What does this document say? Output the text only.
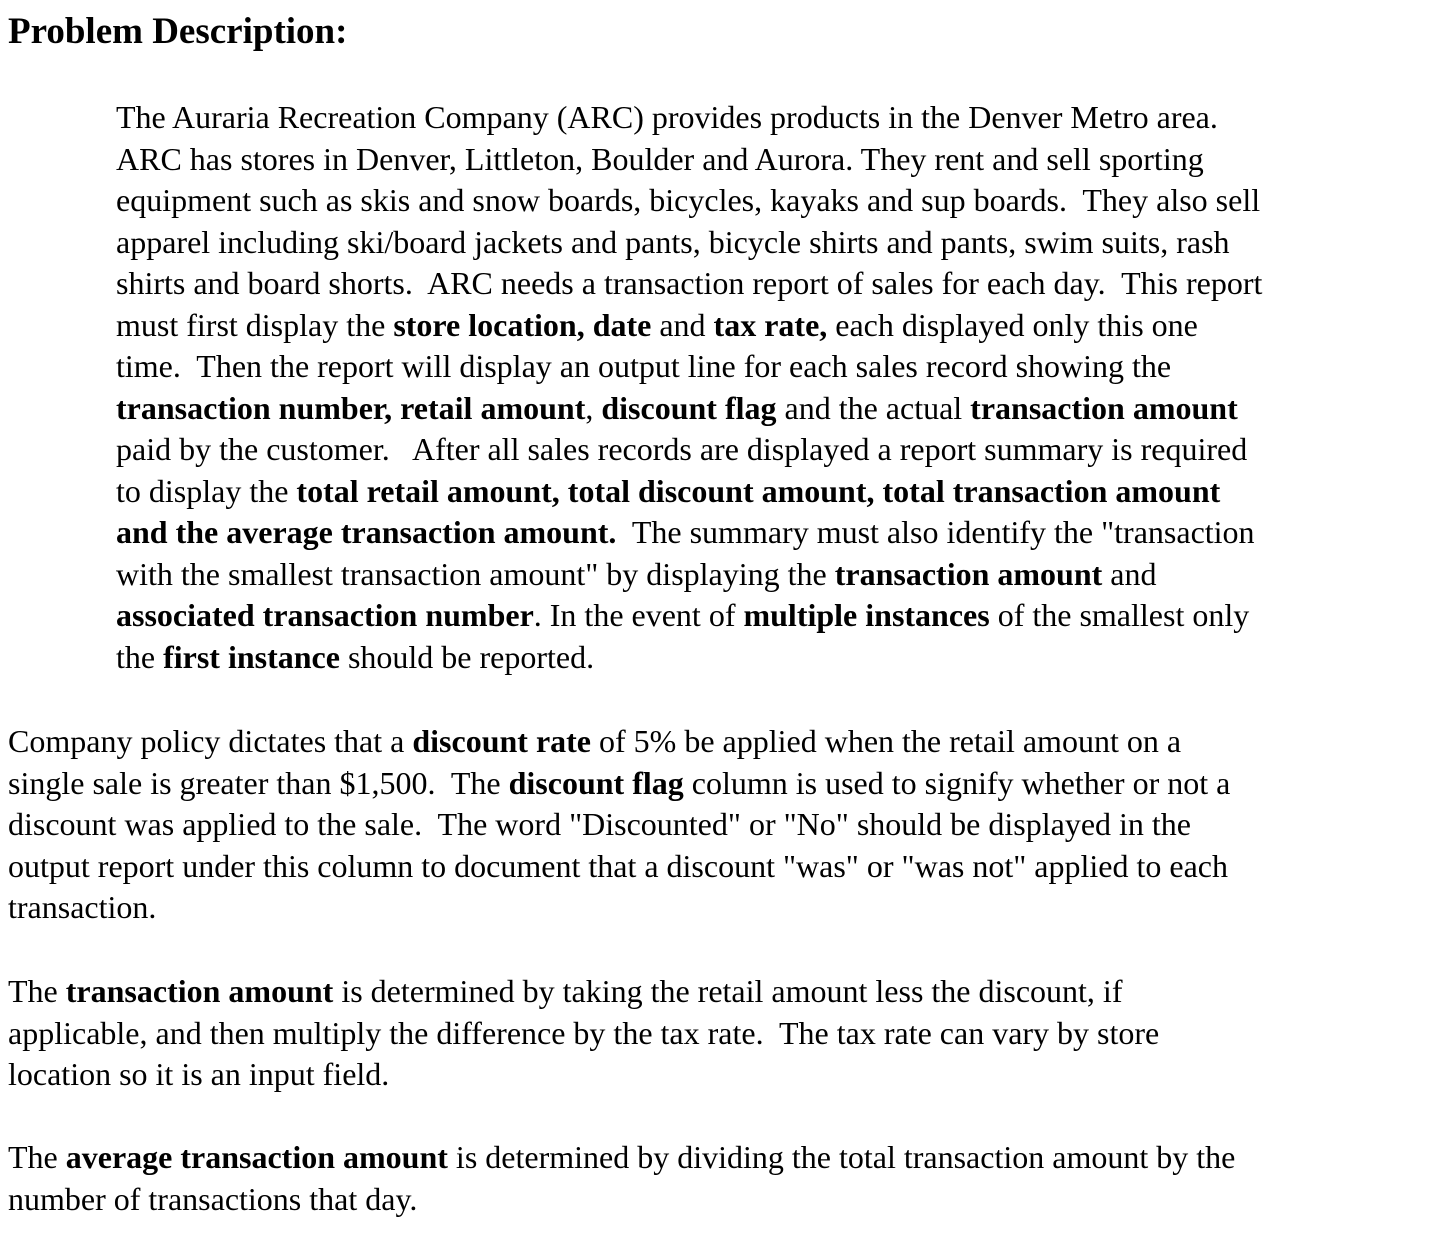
Problem Description:

The Auraria Recreation Company (ARC) provides products in the Denver Metro area.
ARC has stores in Denver, Littleton, Boulder and Aurora. They rent and sell sporting
equipment such as skis and snow boards, bicycles, kayaks and sup boards.  They also sell
apparel including ski/board jackets and pants, bicycle shirts and pants, swim suits, rash
shirts and board shorts.  ARC needs a transaction report of sales for each day.  This report
must first display the store location, date and tax rate, each displayed only this one
time.  Then the report will display an output line for each sales record showing the
transaction number, retail amount, discount flag and the actual transaction amount
paid by the customer.   After all sales records are displayed a report summary is required
to display the total retail amount, total discount amount, total transaction amount
and the average transaction amount.  The summary must also identify the "transaction
with the smallest transaction amount" by displaying the transaction amount and
associated transaction number. In the event of multiple instances of the smallest only
the first instance should be reported.

Company policy dictates that a discount rate of 5% be applied when the retail amount on a
single sale is greater than $1,500.  The discount flag column is used to signify whether or not a
discount was applied to the sale.  The word "Discounted" or "No" should be displayed in the
output report under this column to document that a discount "was" or "was not" applied to each
transaction.

The transaction amount is determined by taking the retail amount less the discount, if
applicable, and then multiply the difference by the tax rate.  The tax rate can vary by store
location so it is an input field.

The average transaction amount is determined by dividing the total transaction amount by the
number of transactions that day.
